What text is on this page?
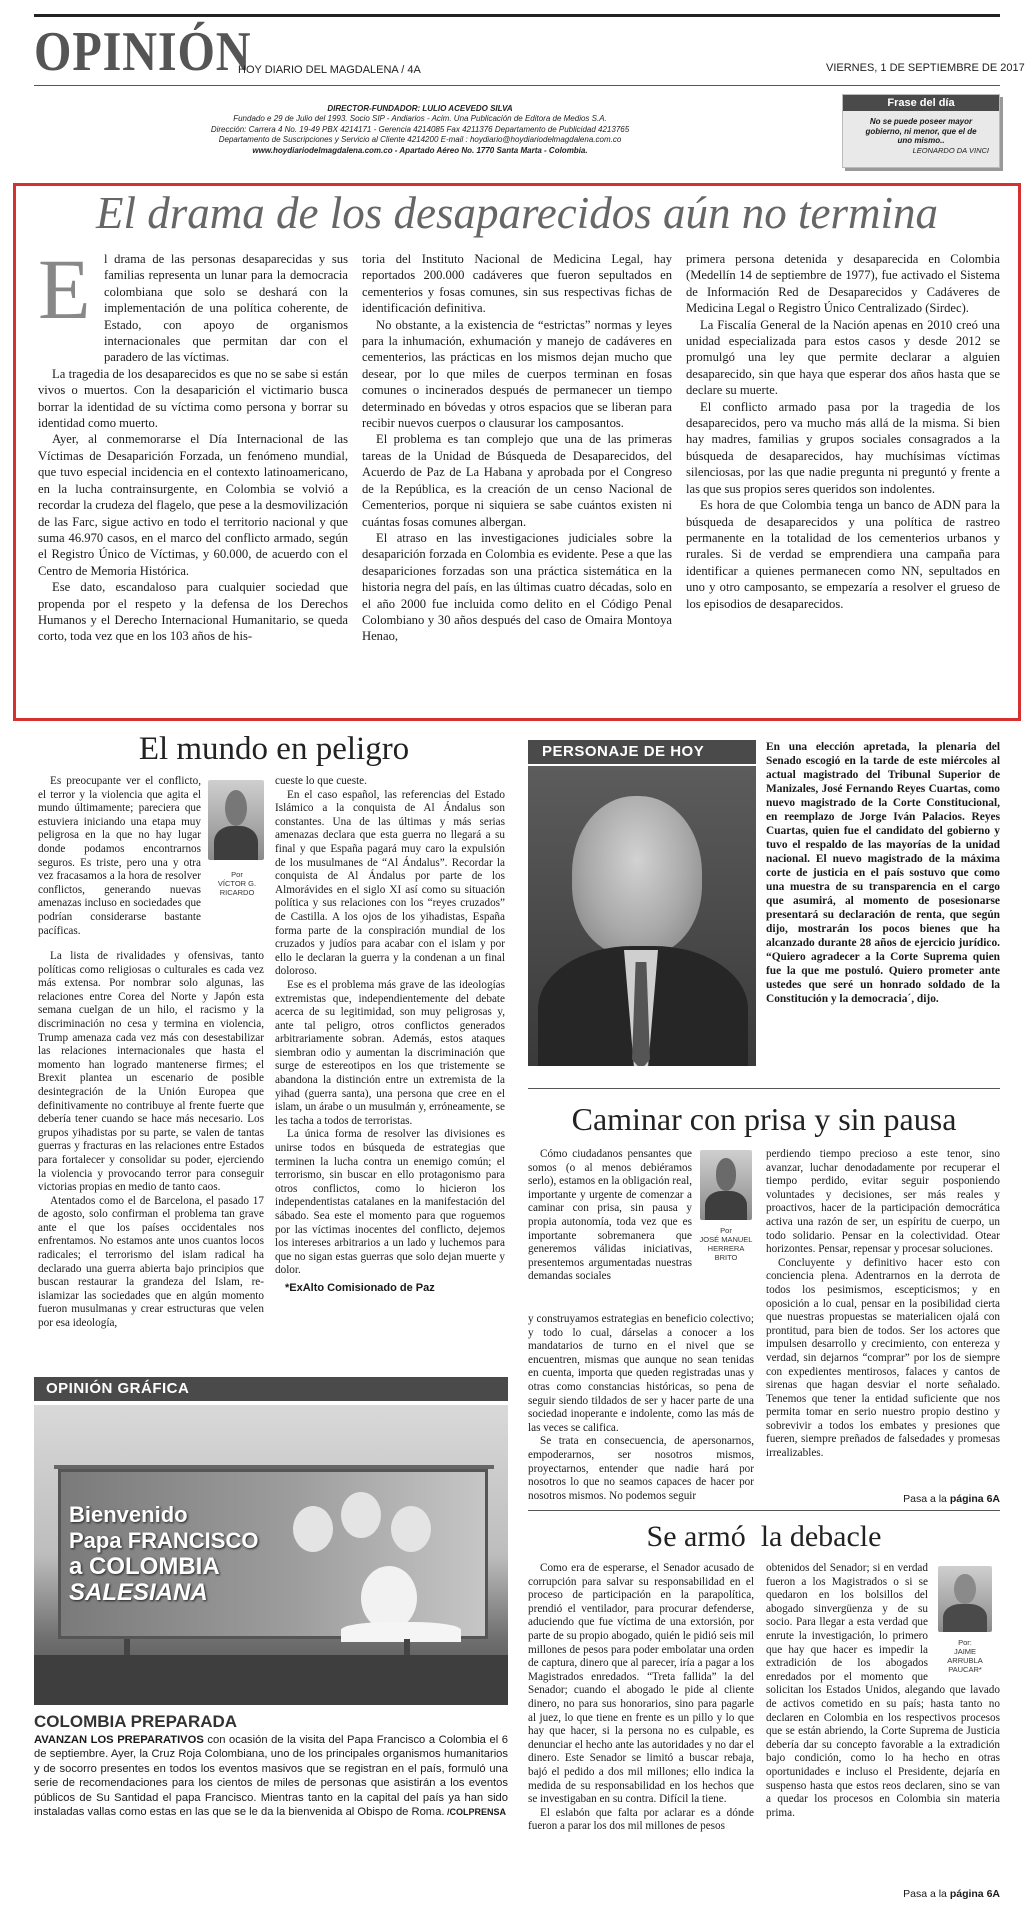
OPINIÓN
HOY DIARIO DEL MAGDALENA / 4A	VIERNES, 1 DE SEPTIEMBRE DE 2017
DIRECTOR-FUNDADOR: LULIO ACEVEDO SILVA
Fundado e 29 de Julio del 1993. Socio SIP - Andiarios - Acim. Una Publicación de Editora de Medios S.A.
Dirección: Carrera 4 No. 19-49 PBX 4214171 - Gerencia 4214085 Fax 4211376 Departamento de Publicidad 4213765
Departamento de Suscripciones y Servicio al Cliente 4214200 E-mail : hoydiario@hoydiariodelmagdalena.com.co
www.hoydiariodelmagdalena.com.co - Apartado Aéreo No. 1770 Santa Marta - Colombia.
Frase del día
No se puede poseer mayor gobierno, ni menor, que el de uno mismo..
LEONARDO DA VINCI
El drama de los desaparecidos aún no termina
E	l drama de las personas desaparecidas y sus familias representa un lunar para la democracia colombiana que solo se deshará con la implementación de una política coherente, de Estado, con apoyo de organismos internacionales que permitan dar con el paradero de las víctimas.

La tragedia de los desaparecidos es que no se sabe si están vivos o muertos. Con la desaparición el victimario busca borrar la identidad de su víctima como persona y borrar su identidad como muerto.

Ayer, al conmemorarse el Día Internacional de las Víctimas de Desaparición Forzada, un fenómeno mundial, que tuvo especial incidencia en el contexto latinoamericano, en la lucha contrainsurgente, en Colombia se volvió a recordar la crudeza del flagelo, que pese a la desmovilización de las Farc, sigue activo en todo el territorio nacional y que suma 46.970 casos, en el marco del conflicto armado, según el Registro Único de Víctimas, y 60.000, de acuerdo con el Centro de Memoria Histórica.

Ese dato, escandaloso para cualquier sociedad que propenda por el respeto y la defensa de los Derechos Humanos y el Derecho Internacional Humanitario, se queda corto, toda vez que en los 103 años de his-

toria del Instituto Nacional de Medicina Legal, hay reportados 200.000 cadáveres que fueron sepultados en cementerios y fosas comunes, sin sus respectivas fichas de identificación definitiva.

No obstante, a la existencia de “estrictas” normas y leyes para la inhumación, exhumación y manejo de cadáveres en cementerios, las prácticas en los mismos dejan mucho que desear, por lo que miles de cuerpos terminan en fosas comunes o incinerados después de permanecer un tiempo determinado en bóvedas y otros espacios que se liberan para recibir nuevos cuerpos o clausurar los camposantos.

El problema es tan complejo que una de las primeras tareas de la Unidad de Búsqueda de Desaparecidos, del Acuerdo de Paz de La Habana y aprobada por el Congreso de la República, es la creación de un censo Nacional de Cementerios, porque ni siquiera se sabe cuántos existen ni cuántas fosas comunes albergan.

El atraso en las investigaciones judiciales sobre la desaparición forzada en Colombia es evidente. Pese a que las desapariciones forzadas son una práctica sistemática en la historia negra del país, en las últimas cuatro décadas, solo en el año 2000 fue incluida como delito en el Código Penal Colombiano y 30 años después del caso de Omaira Montoya Henao,

primera persona detenida y desaparecida en Colombia (Medellín 14 de septiembre de 1977), fue activado el Sistema de Información Red de Desaparecidos y Cadáveres de Medicina Legal o Registro Único Centralizado (Sirdec).

La Fiscalía General de la Nación apenas en 2010 creó una unidad especializada para estos casos y desde 2012 se promulgó una ley que permite declarar a alguien desaparecido, sin que haya que esperar dos años hasta que se declare su muerte.

El conflicto armado pasa por la tragedia de los desaparecidos, pero va mucho más allá de la misma. Si bien hay madres, familias y grupos sociales consagrados a la búsqueda de desaparecidos, hay muchísimas víctimas silenciosas, por las que nadie pregunta ni preguntó y frente a las que sus propios seres queridos son indolentes.

Es hora de que Colombia tenga un banco de ADN para la búsqueda de desaparecidos y una política de rastreo permanente en la totalidad de los cementerios urbanos y rurales. Si de verdad se emprendiera una campaña para identificar a quienes permanecen como NN, sepultados en uno y otro camposanto, se empezaría a resolver el grueso de los episodios de desaparecidos.

El mundo en peligro
Por
VÍCTOR G. RICARDO

Es preocupante ver el conflicto, el terror y la violencia que agita el mundo últimamente; pareciera que estuviera iniciando una etapa muy peligrosa en la que no hay lugar donde podamos encontrarnos seguros. Es triste, pero una y otra vez fracasamos a la hora de resolver conflictos, generando nuevas amenazas incluso en sociedades que podrían considerarse bastante pacíficas.

La lista de rivalidades y ofensivas, tanto políticas como religiosas o culturales es cada vez más extensa. Por nombrar solo algunas, las relaciones entre Corea del Norte y Japón esta semana cuelgan de un hilo, el racismo y la discriminación no cesa y termina en violencia, Trump amenaza cada vez más con desestabilizar las relaciones internacionales que hasta el momento han logrado mantenerse firmes; el Brexit plantea un escenario de posible desintegración de la Unión Europea que definitivamente no contribuye al frente fuerte que debería tener cuando se hace más necesario. Los grupos yihadistas por su parte, se valen de tantas guerras y fracturas en las relaciones entre Estados para fortalecer y consolidar su poder, ejerciendo la violencia y provocando terror para conseguir victorias propias en medio de tanto caos.

Atentados como el de Barcelona, el pasado 17 de agosto, solo confirman el problema tan grave ante el que los países occidentales nos enfrentamos. No estamos ante unos cuantos locos radicales; el terrorismo del islam radical ha declarado una guerra abierta bajo principios que buscan restaurar la grandeza del Islam, re-islamizar las sociedades que en algún momento fueron musulmanas y crear estructuras que velen por esa ideología,

cueste lo que cueste.

En el caso español, las referencias del Estado Islámico a la conquista de Al Ándalus son constantes. Una de las últimas y más serias amenazas declara que esta guerra no llegará a su final y que España pagará muy caro la expulsión de los musulmanes de “Al Ándalus”. Recordar la conquista de Al Ándalus por parte de los Almorávides en el siglo XI así como su situación política y sus relaciones con los “reyes cruzados” de Castilla. A los ojos de los yihadistas, España forma parte de la conspiración mundial de los cruzados y judíos para acabar con el islam y por ello le declaran la guerra y la condenan a un final doloroso.

Ese es el problema más grave de las ideologías extremistas que, independientemente del debate acerca de su legitimidad, son muy peligrosas y, ante tal peligro, otros conflictos generados arbitrariamente sobran. Además, estos ataques siembran odio y aumentan la discriminación que surge de estereotipos en los que tristemente se abandona la distinción entre un extremista de la yihad (guerra santa), una persona que cree en el islam, un árabe o un musulmán y, erróneamente, se les tacha a todos de terroristas.

La única forma de resolver las divisiones es unirse todos en búsqueda de estrategias que terminen la lucha contra un enemigo común; el terrorismo, sin buscar en ello protagonismo para otros conflictos, como lo hicieron los independentistas catalanes en la manifestación del sábado. Sea este el momento para que roguemos por las víctimas inocentes del conflicto, dejemos los intereses arbitrarios a un lado y luchemos para que no sigan estas guerras que solo dejan muerte y dolor.

*ExAlto Comisionado de Paz
PERSONAJE DE HOY	En una elección apretada, la plenaria del Senado escogió en la tarde de este miércoles al actual magistrado del Tribunal Superior de Manizales, José Fernando Reyes Cuartas, como nuevo magistrado de la Corte Constitucional, en reemplazo de Jorge Iván Palacios. Reyes Cuartas, quien fue el candidato del gobierno y tuvo el respaldo de las mayorías de la unidad nacional. El nuevo magistrado de la máxima corte de justicia en el país sostuvo que como una muestra de su transparencia en el cargo que asumirá, al momento de posesionarse presentará su declaración de renta, que según dijo, mostrarán los pocos bienes que ha alcanzado durante 28 años de ejercicio jurídico. “Quiero agradecer a la Corte Suprema quien fue la que me postuló. Quiero prometer ante ustedes que seré un honrado soldado de la Constitución y la democracia´, dijo.

Caminar con prisa y sin pausa
Por
JOSÉ MANUEL HERRERA BRITO

Cómo ciudadanos pensantes que somos (o al menos debiéramos serlo), estamos en la obligación real, importante y urgente de comenzar a caminar con prisa, sin pausa y propia autonomía, toda vez que es importante sobremanera que generemos válidas iniciativas, presentemos argumentadas nuestras demandas sociales

y construyamos estrategias en beneficio colectivo; y todo lo cual, dárselas a conocer a los mandatarios de turno en el nivel que se encuentren, mismas que aunque no sean tenidas en cuenta, importa que queden registradas unas y otras como constancias históricas, so pena de seguir siendo tildados de ser y hacer parte de una sociedad inoperante e indolente, como las más de las veces se califica.

Se trata en consecuencia, de apersonarnos, empoderarnos, ser nosotros mismos, proyectarnos, entender que nadie hará por nosotros lo que no seamos capaces de hacer por nosotros mismos. No podemos seguir

perdiendo tiempo precioso a este tenor, sino avanzar, luchar denodadamente por recuperar el tiempo perdido, evitar seguir posponiendo voluntades y decisiones, ser más reales y proactivos, hacer de la participación democrática activa una razón de ser, un espíritu de cuerpo, un todo solidario. Pensar en la colectividad. Otear horizontes. Pensar, repensar y procesar soluciones.

Concluyente y definitivo hacer esto con conciencia plena. Adentrarnos en la derrota de todos los pesimismos, escepticismos; y en oposición a lo cual, pensar en la posibilidad cierta que nuestras propuestas se materialicen ojalá con prontitud, para bien de todos. Ser los actores que impulsen desarrollo y crecimiento, con entereza y verdad, sin dejarnos “comprar” por los de siempre con expedientes mentirosos, falaces y cantos de sirenas que hagan desviar el norte señalado. Tenemos que tener la entidad suficiente que nos permita tomar en serio nuestro propio destino y sobrevivir a todos los embates y presiones que fueren, siempre preñados de falsedades y promesas irrealizables.

Pasa a la página 6A
OPINIÓN GRÁFICA
Bienvenido
Papa FRANCISCO
a COLOMBIA
SALESIANA
COLOMBIA PREPARADA
AVANZAN LOS PREPARATIVOS con ocasión de la visita del Papa Francisco a Colombia el 6 de septiembre. Ayer, la Cruz Roja Colombiana, uno de los principales organismos humanitarios y de socorro presentes en todos los eventos masivos que se registran en el país, formuló una serie de recomendaciones para los cientos de miles de personas que asistirán a los eventos públicos de Su Santidad el papa Francisco. Mientras tanto en la capital del país ya han sido instaladas vallas como estas en las que se le da la bienvenida al Obispo de Roma. /COLPRENSA
Se armó  la debacle

Como era de esperarse, el Senador acusado de corrupción para salvar su responsabilidad en el proceso de participación en la parapolítica, prendió el ventilador, para procurar defenderse, aduciendo que fue víctima de una extorsión, por parte de su propio abogado, quién le pidió seis mil millones de pesos para poder embolatar una orden de captura, dinero que al parecer, iría a pagar a los Magistrados enredados. “Treta fallida” la del Senador; cuando el abogado le pide al cliente dinero, no para sus honorarios, sino para pagarle al juez, lo que tiene en frente es un pillo y lo que hay que hacer, si la persona no es culpable, es denunciar el hecho ante las autoridades y no dar el dinero. Este Senador se limitó a buscar rebaja, bajó el pedido a dos mil millones; ello indica la medida de su responsabilidad en los hechos que se investigaban en su contra. Difícil la tiene.

El eslabón que falta por aclarar es a dónde fueron a parar los dos mil millones de pesos

Por:
JAIME ARRUBLA PAUCAR*

obtenidos del Senador; si en verdad fueron a los Magistrados o si se quedaron en los bolsillos del abogado sinvergüenza y de su socio. Para llegar a esta verdad que enrute la investigación, lo primero que hay que hacer es impedir la extradición de los abogados enredados por el momento que solicitan los Estados Unidos, alegando que lavado de activos cometido en su país; hasta tanto no declaren en Colombia en los respectivos procesos que se están abriendo, la Corte Suprema de Justicia debería dar su concepto favorable a la extradición bajo condición, como lo ha hecho en otras oportunidades e incluso el Presidente, dejaría en suspenso hasta que estos reos declaren, sino se van a quedar los procesos en Colombia sin materia prima.

Pasa a la página 6A
